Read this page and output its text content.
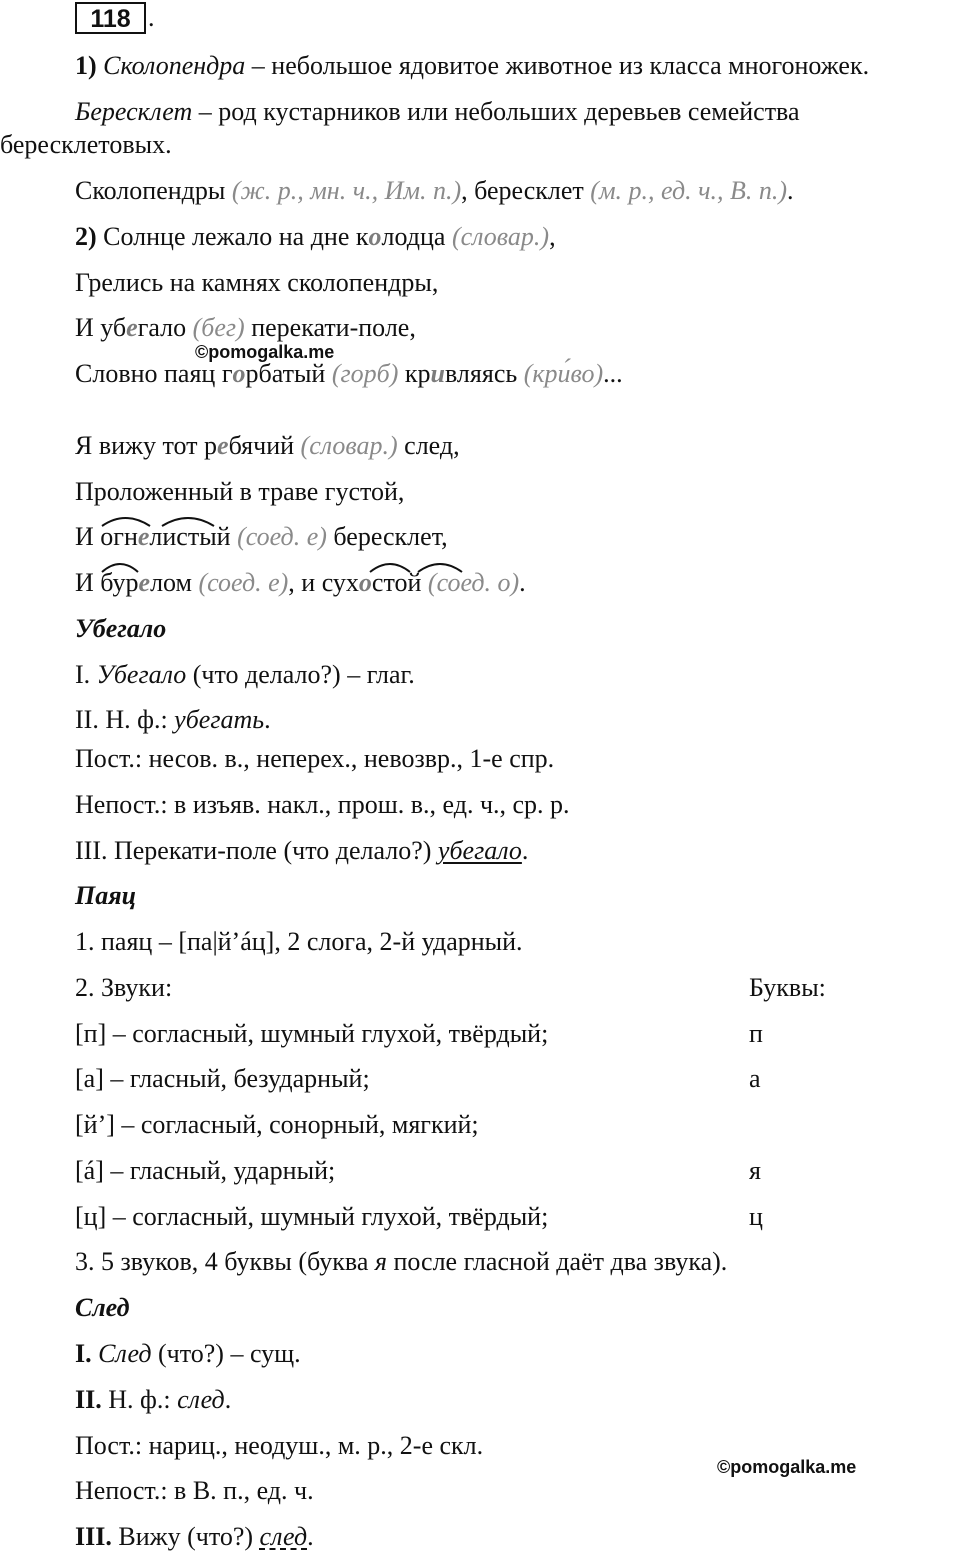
118 .
1) Сколопендра – небольшое ядовитое животное из класса многоножек.
Бересклет – род кустарников или небольших деревьев семейства
бересклетовых.
Сколопендры (ж. р., мн. ч., Им. п.), бересклет (м. р., ед. ч., В. п.).
2) Солнце лежало на дне колодца (словар.),
Грелись на камнях сколопендры,
И убегало (бег) перекати-поле,
©pomogalka.me
Словно паяц горбатый (горб) кривляясь (кри́во)...
Я вижу тот ребячий (словар.) след,
Проложенный в траве густой,
И огнелистый (соед. е) бересклет,
И бурелом (соед. е), и сухостой (соед. о).
Убегало
I. Убегало (что делало?) – глаг.
II. Н. ф.: убегать.
Пост.: несов. в., неперех., невозвр., 1-е спр.
Непост.: в изъяв. накл., прош. в., ед. ч., ср. р.
III. Перекати-поле (что делало?) убегало.
Паяц
1. паяц – [па|й’áц], 2 слога, 2-й ударный.
2. Звуки:	Буквы:
[п] – согласный, шумный глухой, твёрдый;	п
[а] – гласный, безударный;	а
[й’] – согласный, сонорный, мягкий;
[á] – гласный, ударный;	я
[ц] – согласный, шумный глухой, твёрдый;	ц
3. 5 звуков, 4 буквы (буква я после гласной даёт два звука).
След
I. След (что?) – сущ.
II. Н. ф.: след.
Пост.: нариц., неодуш., м. р., 2-е скл.
©pomogalka.me
Непост.: в В. п., ед. ч.
III. Вижу (что?) след.
